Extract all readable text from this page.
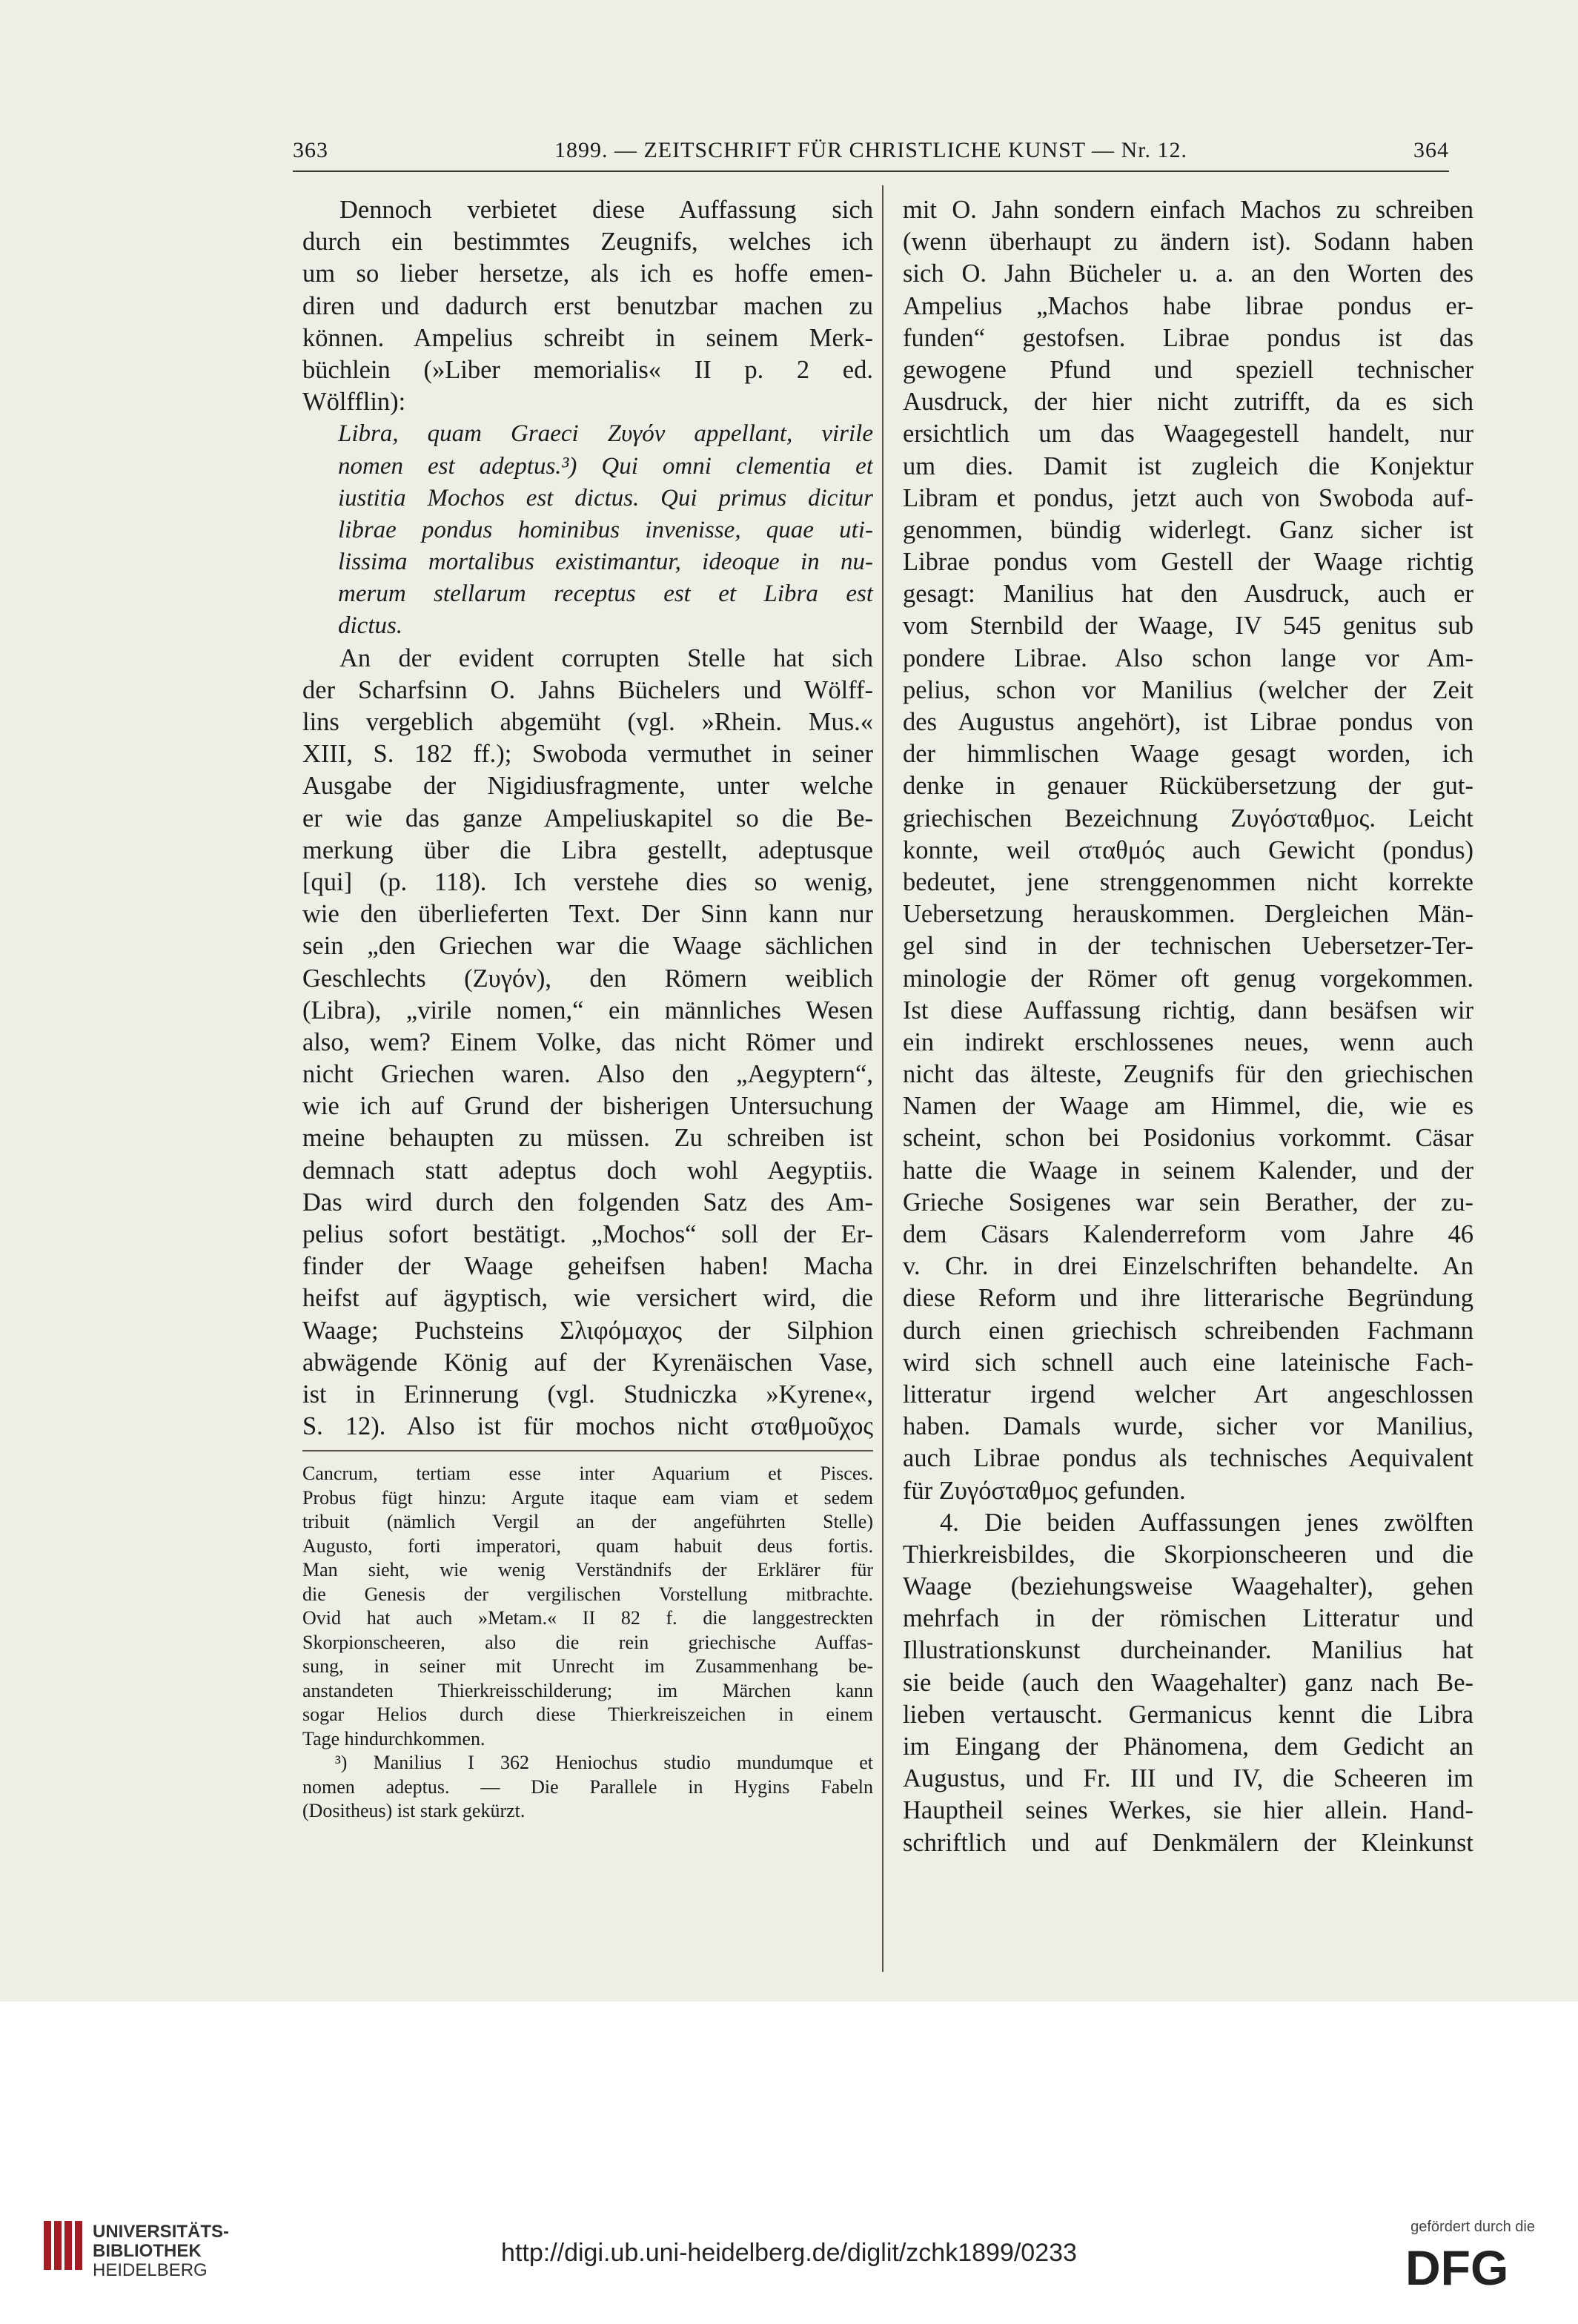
363	1899. — ZEITSCHRIFT FÜR CHRISTLICHE KUNST — Nr. 12.	364
Dennoch verbietet diese Auffassung sich
durch ein bestimmtes Zeugnifs, welches ich
um so lieber hersetze, als ich es hoffe emen-
diren und dadurch erst benutzbar machen zu
können. Ampelius schreibt in seinem Merk-
büchlein (»Liber memorialis« II p. 2 ed.
Wölfflin):
Libra, quam Graeci Ζυγόν appellant, virile
nomen est adeptus.³) Qui omni clementia et
iustitia Mochos est dictus. Qui primus dicitur
librae pondus hominibus invenisse, quae uti-
lissima mortalibus existimantur, ideoque in nu-
merum stellarum receptus est et Libra est
dictus.
An der evident corrupten Stelle hat sich
der Scharfsinn O. Jahns Büchelers und Wölff-
lins vergeblich abgemüht (vgl. »Rhein. Mus.«
XIII, S. 182 ff.); Swoboda vermuthet in seiner
Ausgabe der Nigidiusfragmente, unter welche
er wie das ganze Ampeliuskapitel so die Be-
merkung über die Libra gestellt, adeptusque
[qui] (p. 118). Ich verstehe dies so wenig,
wie den überlieferten Text. Der Sinn kann nur
sein „den Griechen war die Waage sächlichen
Geschlechts (Ζυγόν), den Römern weiblich
(Libra), „virile nomen,“ ein männliches Wesen
also, wem? Einem Volke, das nicht Römer und
nicht Griechen waren. Also den „Aegyptern“,
wie ich auf Grund der bisherigen Untersuchung
meine behaupten zu müssen. Zu schreiben ist
demnach statt adeptus doch wohl Aegyptiis.
Das wird durch den folgenden Satz des Am-
pelius sofort bestätigt. „Mochos“ soll der Er-
finder der Waage geheifsen haben! Macha
heifst auf ägyptisch, wie versichert wird, die
Waage; Puchsteins Σλιφόμαχος der Silphion
abwägende König auf der Kyrenäischen Vase,
ist in Erinnerung (vgl. Studniczka »Kyrene«,
S. 12). Also ist für mochos nicht σταθμοῦχος
Cancrum, tertiam esse inter Aquarium et Pisces.
Probus fügt hinzu: Argute itaque eam viam et sedem
tribuit (nämlich Vergil an der angeführten Stelle)
Augusto, forti imperatori, quam habuit deus fortis.
Man sieht, wie wenig Verständnifs der Erklärer für
die Genesis der vergilischen Vorstellung mitbrachte.
Ovid hat auch »Metam.« II 82 f. die langgestreckten
Skorpionscheeren, also die rein griechische Auffas-
sung, in seiner mit Unrecht im Zusammenhang be-
anstandeten Thierkreisschilderung; im Märchen kann
sogar Helios durch diese Thierkreiszeichen in einem
Tage hindurchkommen.
³) Manilius I 362 Heniochus studio mundumque et
nomen adeptus. — Die Parallele in Hygins Fabeln
(Dositheus) ist stark gekürzt.
mit O. Jahn sondern einfach Machos zu schreiben
(wenn überhaupt zu ändern ist). Sodann haben
sich O. Jahn Bücheler u. a. an den Worten des
Ampelius „Machos habe librae pondus er-
funden“ gestofsen. Librae pondus ist das
gewogene Pfund und speziell technischer
Ausdruck, der hier nicht zutrifft, da es sich
ersichtlich um das Waagegestell handelt, nur
um dies. Damit ist zugleich die Konjektur
Libram et pondus, jetzt auch von Swoboda auf-
genommen, bündig widerlegt. Ganz sicher ist
Librae pondus vom Gestell der Waage richtig
gesagt: Manilius hat den Ausdruck, auch er
vom Sternbild der Waage, IV 545 genitus sub
pondere Librae. Also schon lange vor Am-
pelius, schon vor Manilius (welcher der Zeit
des Augustus angehört), ist Librae pondus von
der himmlischen Waage gesagt worden, ich
denke in genauer Rückübersetzung der gut-
griechischen Bezeichnung Ζυγόσταθμος. Leicht
konnte, weil σταθμός auch Gewicht (pondus)
bedeutet, jene strenggenommen nicht korrekte
Uebersetzung herauskommen. Dergleichen Män-
gel sind in der technischen Uebersetzer-Ter-
minologie der Römer oft genug vorgekommen.
Ist diese Auffassung richtig, dann besäfsen wir
ein indirekt erschlossenes neues, wenn auch
nicht das älteste, Zeugnifs für den griechischen
Namen der Waage am Himmel, die, wie es
scheint, schon bei Posidonius vorkommt. Cäsar
hatte die Waage in seinem Kalender, und der
Grieche Sosigenes war sein Berather, der zu-
dem Cäsars Kalenderreform vom Jahre 46
v. Chr. in drei Einzelschriften behandelte. An
diese Reform und ihre litterarische Begründung
durch einen griechisch schreibenden Fachmann
wird sich schnell auch eine lateinische Fach-
litteratur irgend welcher Art angeschlossen
haben. Damals wurde, sicher vor Manilius,
auch Librae pondus als technisches Aequivalent
für Ζυγόσταθμος gefunden.
4. Die beiden Auffassungen jenes zwölften
Thierkreisbildes, die Skorpionscheeren und die
Waage (beziehungsweise Waagehalter), gehen
mehrfach in der römischen Litteratur und
Illustrationskunst durcheinander. Manilius hat
sie beide (auch den Waagehalter) ganz nach Be-
lieben vertauscht. Germanicus kennt die Libra
im Eingang der Phänomena, dem Gedicht an
Augustus, und Fr. III und IV, die Scheeren im
Hauptheil seines Werkes, sie hier allein. Hand-
schriftlich und auf Denkmälern der Kleinkunst
UNIVERSITÄTS-
BIBLIOTHEK
HEIDELBERG
http://digi.ub.uni-heidelberg.de/diglit/zchk1899/0233
gefördert durch die
DFG
